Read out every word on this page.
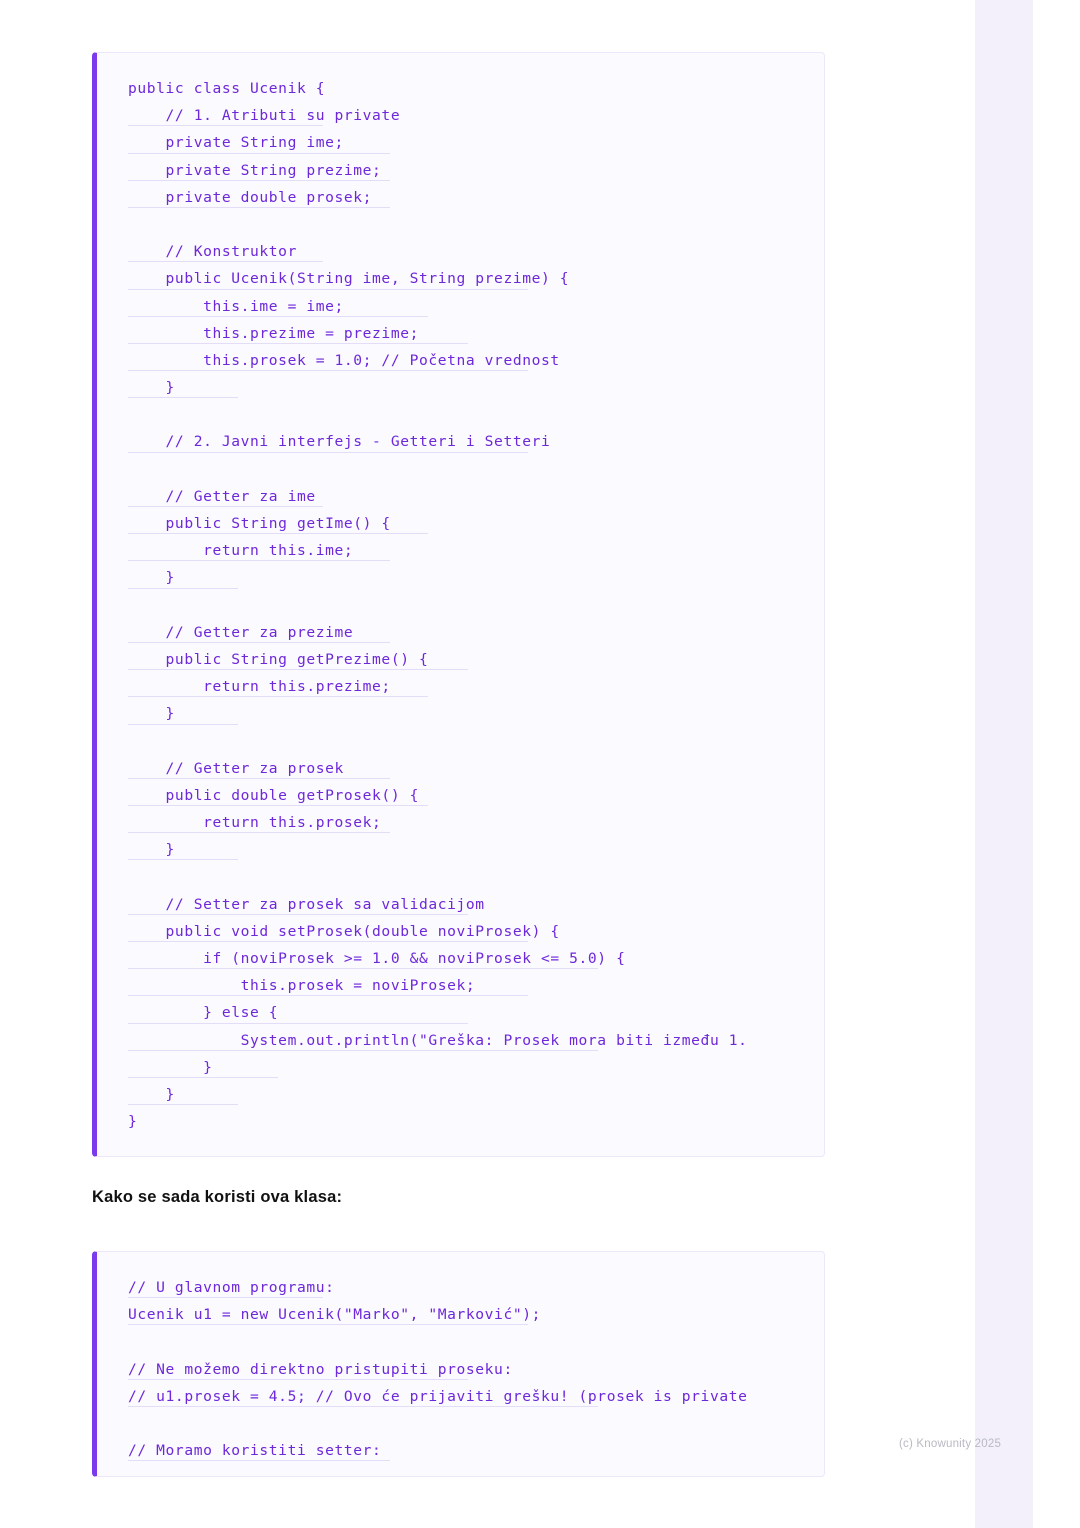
public class Ucenik {
// 1. Atributi su private
private String ime;
private String prezime;
private double prosek;
// Konstruktor
public Ucenik(String ime, String prezime) {
this.ime = ime;
this.prezime = prezime;
this.prosek = 1.0; // Početna vrednost
}
// 2. Javni interfejs - Getteri i Setteri
// Getter za ime
public String getIme() {
return this.ime;
}
// Getter za prezime
public String getPrezime() {
return this.prezime;
}
// Getter za prosek
public double getProsek() {
return this.prosek;
}
// Setter za prosek sa validacijom
public void setProsek(double noviProsek) {
if (noviProsek >= 1.0 && noviProsek <= 5.0) {
this.prosek = noviProsek;
} else {
System.out.println("Greška: Prosek mora biti između 1.
}
}
}
Kako se sada koristi ova klasa:
// U glavnom programu:
Ucenik u1 = new Ucenik("Marko", "Marković");
// Ne možemo direktno pristupiti proseku:
// u1.prosek = 4.5; // Ovo će prijaviti grešku! (prosek is private
// Moramo koristiti setter:	(c) Knowunity 2025
